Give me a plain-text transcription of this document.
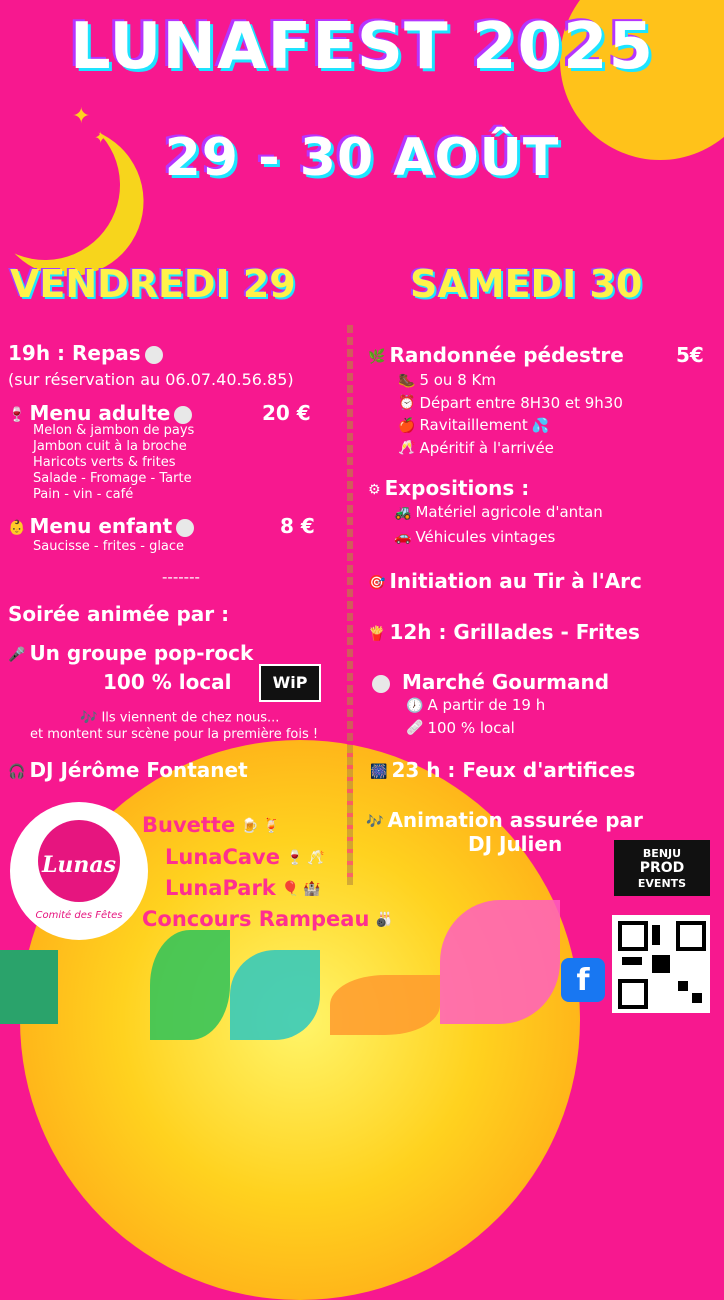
✦
✦
LUNAFEST 2025
29 - 30 AOÛT
VENDREDI 29	SAMEDI 30
19h : Repas
(sur réservation au 06.07.40.56.85)
🍷 Menu adulte	20 €
Melon & jambon de pays
Jambon cuit à la broche
Haricots verts & frites
Salade - Fromage - Tarte
Pain - vin - café
👶 Menu enfant	8 €
Saucisse - frites - glace
-------
Soirée animée par :
🎤 Un groupe pop-rock
100 % local	WiP
🎶 Ils viennent de chez nous...
et montent sur scène pour la première fois !
🎧 DJ Jérôme Fontanet
🌿 Randonnée pédestre	5€
🥾 5 ou 8 Km
⏰ Départ entre 8H30 et 9h30
🍎 Ravitaillement 💦
🥂 Apéritif à l'arrivée
⚙ Expositions :
🚜 Matériel agricole d'antan
🚗 Véhicules vintages
🎯 Initiation au Tir à l'Arc
🍟 12h : Grillades - Frites
Marché Gourmand
🕖 A partir de 19 h
🩹 100 % local
🎆 23 h : Feux d'artifices
🎶 Animation assurée par
DJ Julien	BENJU
PROD
EVENTS
Lunas
Comité des Fêtes
Buvette 🍺 🍹
LunaCave 🍷 🥂
LunaPark 🎈 🏰
Concours Rampeau 🎳
f
